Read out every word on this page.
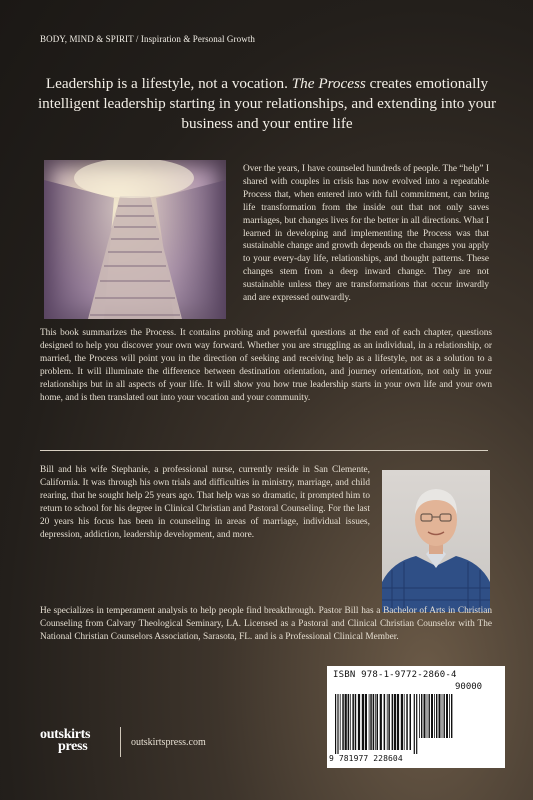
BODY, MIND & SPIRIT / Inspiration & Personal Growth
Leadership is a lifestyle, not a vocation. The Process creates emotionally intelligent leadership starting in your relationships, and extending into your business and your entire life
Over the years, I have counseled hundreds of people. The “help” I shared with couples in crisis has now evolved into a repeatable Process that, when entered into with full commitment, can bring life transformation from the inside out that not only saves marriages, but changes lives for the better in all directions. What I learned in developing and implementing the Process was that sustainable change and growth depends on the changes you apply to your every-day life, relationships, and thought patterns. These changes stem from a deep inward change. They are not sustainable unless they are transformations that occur inwardly and are expressed outwardly.
This book summarizes the Process. It contains probing and powerful questions at the end of each chapter, questions designed to help you discover your own way forward. Whether you are struggling as an individual, in a relationship, or married, the Process will point you in the direction of seeking and receiving help as a lifestyle, not as a solution to a problem. It will illuminate the difference between destination orientation, and journey orientation, not only in your relationships but in all aspects of your life. It will show you how true leadership starts in your own life and your own home, and is then translated out into your vocation and your community.
Bill and his wife Stephanie, a professional nurse, currently reside in San Clemente, California. It was through his own trials and difficulties in ministry, marriage, and child rearing, that he sought help 25 years ago. That help was so dramatic, it prompted him to return to school for his degree in Clinical Christian and Pastoral Counseling. For the last 20 years his focus has been in counseling in areas of marriage, individual issues, depression, addiction, leadership development, and more.
He specializes in temperament analysis to help people find breakthrough. Pastor Bill has a Bachelor of Arts in Christian Counseling from Calvary Theological Seminary, LA. Licensed as a Pastoral and Clinical Christian Counselor with The National Christian Counselors Association, Sarasota, FL. and is a Professional Clinical Member.
ISBN 978-1-9772-2860-4
90000
9 781977 228604
outskirts
press	outskirtspress.com
